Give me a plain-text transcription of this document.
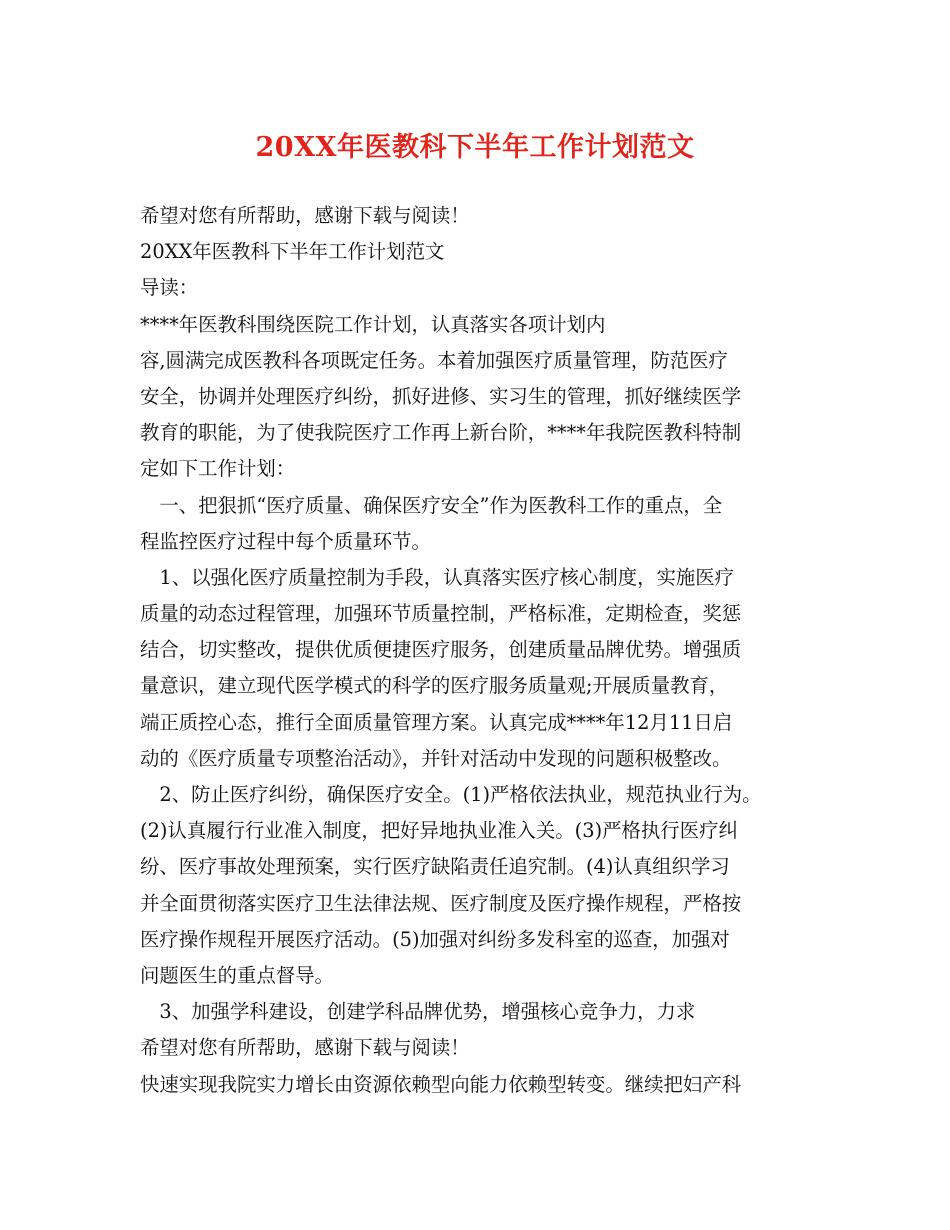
20XX年医教科下半年工作计划范文
希望对您有所帮助，感谢下载与阅读！
20XX年医教科下半年工作计划范文
导读：
****年医教科围绕医院工作计划，认真落实各项计划内
容,圆满完成医教科各项既定任务。本着加强医疗质量管理，防范医疗
安全，协调并处理医疗纠纷，抓好进修、实习生的管理，抓好继续医学
教育的职能，为了使我院医疗工作再上新台阶，****年我院医教科特制
定如下工作计划：
　一、把狠抓“医疗质量、确保医疗安全”作为医教科工作的重点，全
程监控医疗过程中每个质量环节。
　1、以强化医疗质量控制为手段，认真落实医疗核心制度，实施医疗
质量的动态过程管理，加强环节质量控制，严格标准，定期检查，奖惩
结合，切实整改，提供优质便捷医疗服务，创建质量品牌优势。增强质
量意识，建立现代医学模式的科学的医疗服务质量观;开展质量教育，
端正质控心态，推行全面质量管理方案。认真完成****年12月11日启
动的《医疗质量专项整治活动》，并针对活动中发现的问题积极整改。
　2、防止医疗纠纷，确保医疗安全。(1)严格依法执业，规范执业行为。
(2)认真履行行业准入制度，把好异地执业准入关。(3)严格执行医疗纠
纷、医疗事故处理预案，实行医疗缺陷责任追究制。(4)认真组织学习
并全面贯彻落实医疗卫生法律法规、医疗制度及医疗操作规程，严格按
医疗操作规程开展医疗活动。(5)加强对纠纷多发科室的巡查，加强对
问题医生的重点督导。
　3、加强学科建设，创建学科品牌优势，增强核心竞争力，力求
希望对您有所帮助，感谢下载与阅读！
快速实现我院实力增长由资源依赖型向能力依赖型转变。继续把妇产科
